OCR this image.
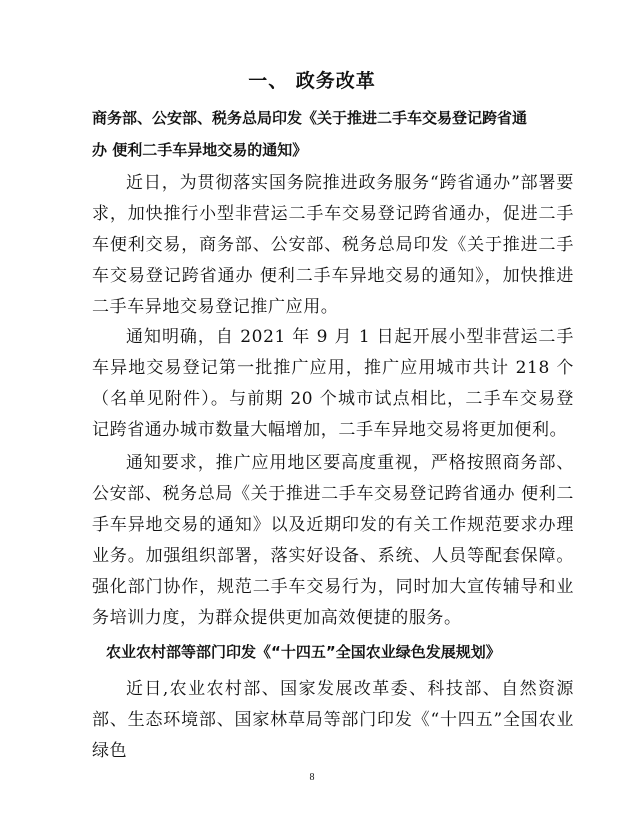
一、 政务改革

商务部、公安部、税务总局印发《关于推进二手车交易登记跨省通

办 便利二手车异地交易的通知》

近日，为贯彻落实国务院推进政务服务“跨省通办”部署要求，加快推行小型非营运二手车交易登记跨省通办，促进二手车便利交易，商务部、公安部、税务总局印发《关于推进二手车交易登记跨省通办 便利二手车异地交易的通知》，加快推进二手车异地交易登记推广应用。

通知明确，自 2021 年 9 月 1 日起开展小型非营运二手车异地交易登记第一批推广应用，推广应用城市共计 218 个（名单见附件）。与前期 20 个城市试点相比，二手车交易登记跨省通办城市数量大幅增加，二手车异地交易将更加便利。

通知要求，推广应用地区要高度重视，严格按照商务部、公安部、税务总局《关于推进二手车交易登记跨省通办 便利二手车异地交易的通知》以及近期印发的有关工作规范要求办理业务。加强组织部署，落实好设备、系统、人员等配套保障。强化部门协作，规范二手车交易行为，同时加大宣传辅导和业务培训力度，为群众提供更加高效便捷的服务。

农业农村部等部门印发《“十四五”全国农业绿色发展规划》

近日,农业农村部、国家发展改革委、科技部、自然资源部、生态环境部、国家林草局等部门印发《“十四五”全国农业绿色

8
